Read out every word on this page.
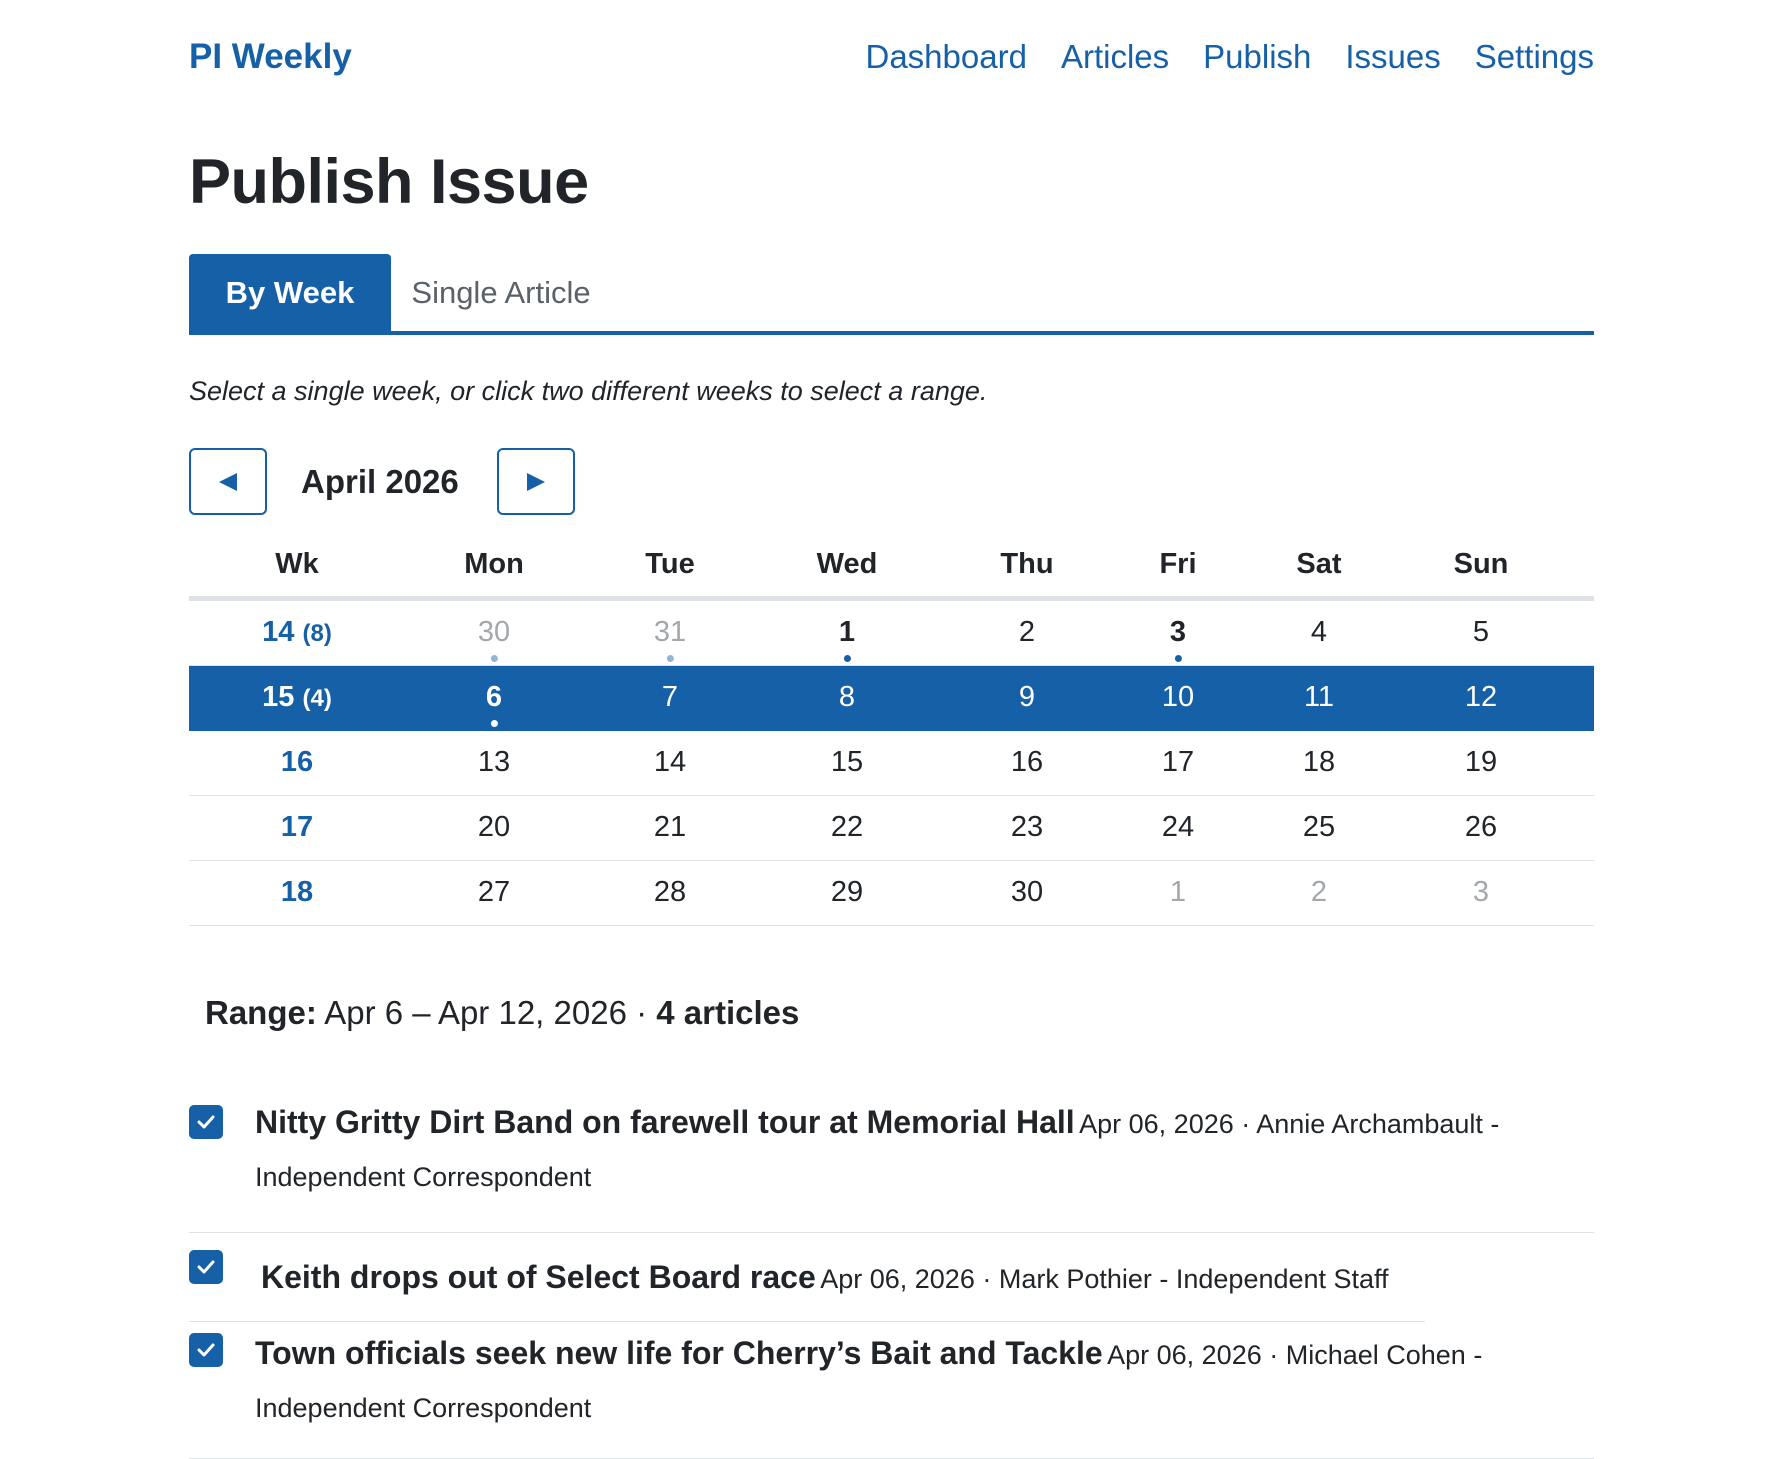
PI Weekly	Dashboard Articles Publish Issues Settings
Publish Issue
By Week	Single Article
Select a single week, or click two different weeks to select a range.
April 2026
Wk	Mon	Tue	Wed	Thu	Fri	Sat	Sun
14 (8)	30	31	1	2	3	4	5
15 (4)	6	7	8	9	10	11	12
16	13	14	15	16	17	18	19
17	20	21	22	23	24	25	26
18	27	28	29	30	1	2	3
Range: Apr 6 – Apr 12, 2026 · 4 articles
Nitty Gritty Dirt Band on farewell tour at Memorial Hall Apr 06, 2026 · Annie Archambault - Independent Correspondent
Keith drops out of Select Board race Apr 06, 2026 · Mark Pothier - Independent Staff
Town officials seek new life for Cherry’s Bait and Tackle Apr 06, 2026 · Michael Cohen - Independent Correspondent
